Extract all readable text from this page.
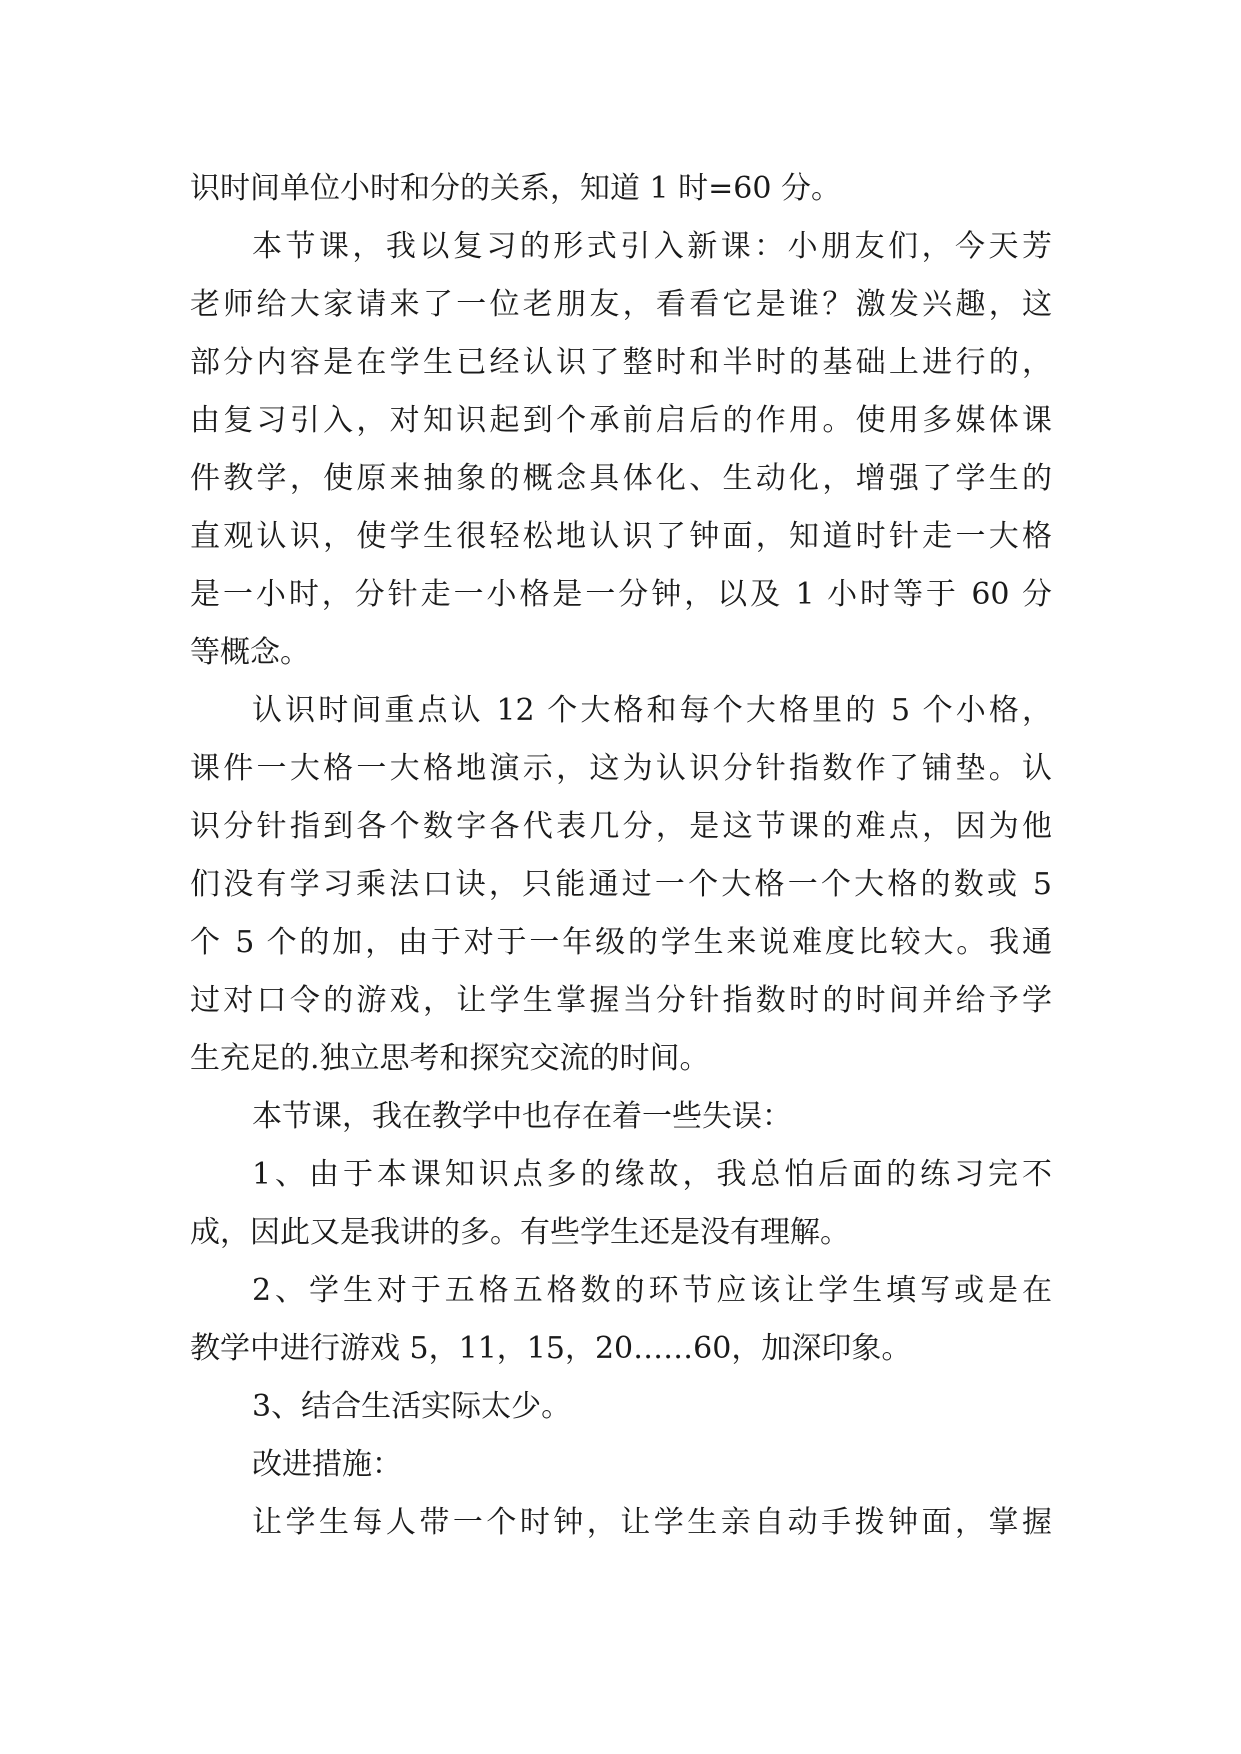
识时间单位小时和分的关系，知道 1 时=60 分。
本节课，我以复习的形式引入新课：小朋友们，今天芳
老师给大家请来了一位老朋友，看看它是谁？激发兴趣，这
部分内容是在学生已经认识了整时和半时的基础上进行的，
由复习引入，对知识起到个承前启后的作用。使用多媒体课
件教学，使原来抽象的概念具体化、生动化，增强了学生的
直观认识，使学生很轻松地认识了钟面，知道时针走一大格
是一小时，分针走一小格是一分钟，以及 1 小时等于 60 分
等概念。
认识时间重点认 12 个大格和每个大格里的 5 个小格，
课件一大格一大格地演示，这为认识分针指数作了铺垫。认
识分针指到各个数字各代表几分，是这节课的难点，因为他
们没有学习乘法口诀，只能通过一个大格一个大格的数或 5
个 5 个的加，由于对于一年级的学生来说难度比较大。我通
过对口令的游戏，让学生掌握当分针指数时的时间并给予学
生充足的.独立思考和探究交流的时间。
本节课，我在教学中也存在着一些失误：
1、由于本课知识点多的缘故，我总怕后面的练习完不
成，因此又是我讲的多。有些学生还是没有理解。
2、学生对于五格五格数的环节应该让学生填写或是在
教学中进行游戏 5，11，15，20……60，加深印象。
3、结合生活实际太少。
改进措施：
让学生每人带一个时钟，让学生亲自动手拨钟面，掌握
